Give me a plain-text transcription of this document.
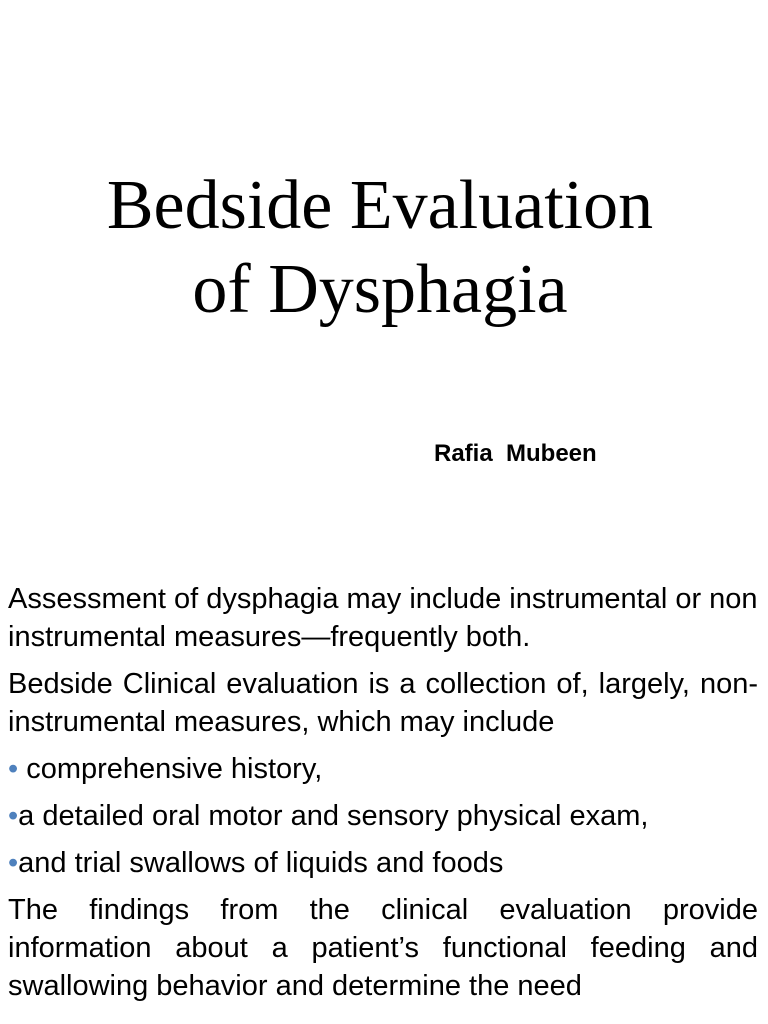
Bedside Evaluation
of Dysphagia
Rafia  Mubeen

Assessment of dysphagia may include instrumental or non instrumental measures—frequently both.

Bedside Clinical evaluation is a collection of, largely, non-instrumental measures, which may include

• comprehensive history,
•a detailed oral motor and sensory physical exam,
•and trial swallows of liquids and foods

The findings from the clinical evaluation provide information about a patient’s functional feeding and swallowing behavior and determine the need
